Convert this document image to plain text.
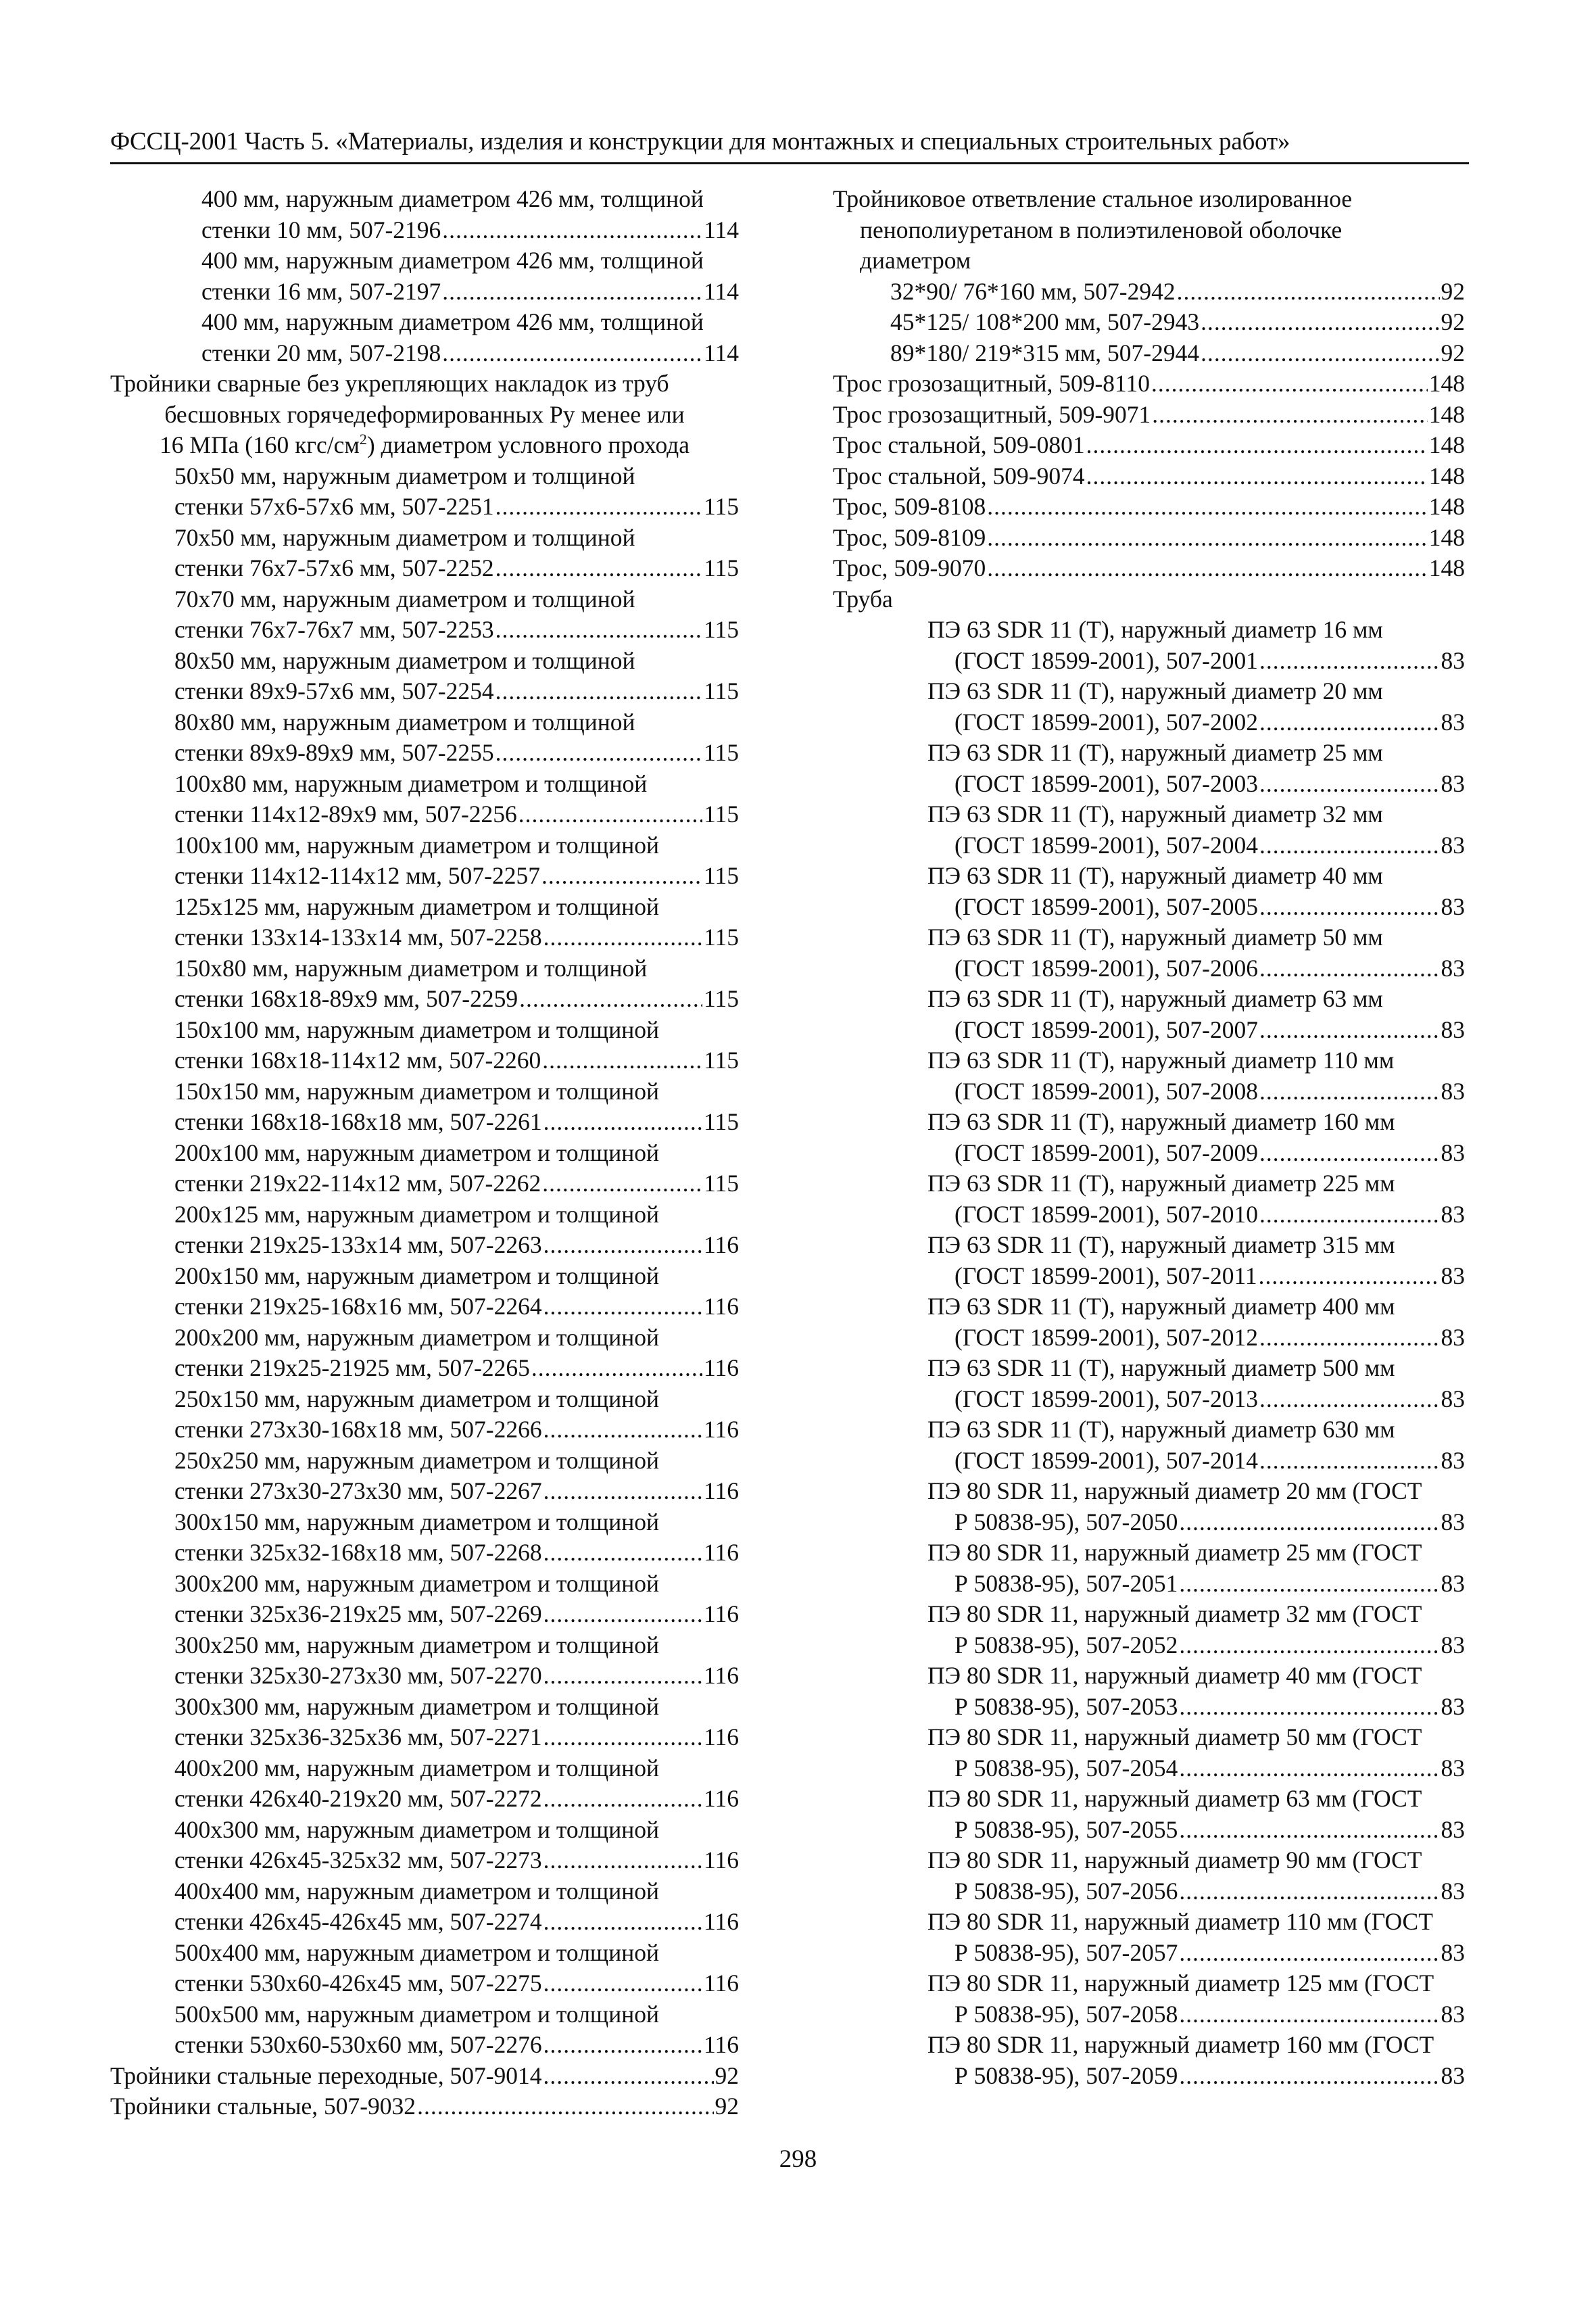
ФССЦ-2001 Часть 5. «Материалы, изделия и конструкции для монтажных и специальных строительных работ»
400 мм, наружным диаметром 426 мм, толщиной
стенки 10 мм, 507-2196 .....	114
400 мм, наружным диаметром 426 мм, толщиной
стенки 16 мм, 507-2197 .....	114
400 мм, наружным диаметром 426 мм, толщиной
стенки 20 мм, 507-2198 .....	114
Тройники сварные без укрепляющих накладок из труб
бесшовных горячедеформированных Ру менее или
16 МПа (160 кгс/$см^2$) диаметром условного прохода
50х50 мм, наружным диаметром и толщиной
стенки 57х6-57х6 мм, 507-2251 .....	115
70х50 мм, наружным диаметром и толщиной
стенки 76х7-57х6 мм, 507-2252 .....	115
70х70 мм, наружным диаметром и толщиной
стенки 76х7-76х7 мм, 507-2253 .....	115
80х50 мм, наружным диаметром и толщиной
стенки 89х9-57х6 мм, 507-2254 .....	115
80х80 мм, наружным диаметром и толщиной
стенки 89х9-89х9 мм, 507-2255 .....	115
100х80 мм, наружным диаметром и толщиной
стенки 114х12-89х9 мм, 507-2256 .....	115
100х100 мм, наружным диаметром и толщиной
стенки 114х12-114х12 мм, 507-2257 .....	115
125х125 мм, наружным диаметром и толщиной
стенки 133х14-133х14 мм, 507-2258 .....	115
150х80 мм, наружным диаметром и толщиной
стенки 168х18-89х9 мм, 507-2259 .....	115
150х100 мм, наружным диаметром и толщиной
стенки 168х18-114х12 мм, 507-2260 .....	115
150х150 мм, наружным диаметром и толщиной
стенки 168х18-168х18 мм, 507-2261 .....	115
200х100 мм, наружным диаметром и толщиной
стенки 219х22-114х12 мм, 507-2262 .....	115
200х125 мм, наружным диаметром и толщиной
стенки 219х25-133х14 мм, 507-2263 .....	116
200х150 мм, наружным диаметром и толщиной
стенки 219х25-168х16 мм, 507-2264 .....	116
200х200 мм, наружным диаметром и толщиной
стенки 219х25-21925 мм, 507-2265 .....	116
250х150 мм, наружным диаметром и толщиной
стенки 273х30-168х18 мм, 507-2266 .....	116
250х250 мм, наружным диаметром и толщиной
стенки 273х30-273х30 мм, 507-2267 .....	116
300х150 мм, наружным диаметром и толщиной
стенки 325х32-168х18 мм, 507-2268 .....	116
300х200 мм, наружным диаметром и толщиной
стенки 325х36-219х25 мм, 507-2269 .....	116
300х250 мм, наружным диаметром и толщиной
стенки 325х30-273х30 мм, 507-2270 .....	116
300х300 мм, наружным диаметром и толщиной
стенки 325х36-325х36 мм, 507-2271 .....	116
400х200 мм, наружным диаметром и толщиной
стенки 426х40-219х20 мм, 507-2272 .....	116
400х300 мм, наружным диаметром и толщиной
стенки 426х45-325х32 мм, 507-2273 .....	116
400х400 мм, наружным диаметром и толщиной
стенки 426х45-426х45 мм, 507-2274 .....	116
500х400 мм, наружным диаметром и толщиной
стенки 530х60-426х45 мм, 507-2275 .....	116
500х500 мм, наружным диаметром и толщиной
стенки 530х60-530х60 мм, 507-2276 .....	116
Тройники стальные переходные, 507-9014 .....	92
Тройники стальные, 507-9032 .....	92
Тройниковое ответвление стальное изолированное
пенополиуретаном в полиэтиленовой оболочке
диаметром
32*90/ 76*160 мм, 507-2942 .....	92
45*125/ 108*200 мм, 507-2943 .....	92
89*180/ 219*315 мм, 507-2944 .....	92
Трос грозозащитный, 509-8110 .....	148
Трос грозозащитный, 509-9071 .....	148
Трос стальной, 509-0801 .....	148
Трос стальной, 509-9074 .....	148
Трос, 509-8108 .....	148
Трос, 509-8109 .....	148
Трос, 509-9070 .....	148
Труба
ПЭ 63 SDR 11 (Т), наружный диаметр 16 мм
(ГОСТ 18599-2001), 507-2001 .....	83
ПЭ 63 SDR 11 (Т), наружный диаметр 20 мм
(ГОСТ 18599-2001), 507-2002 .....	83
ПЭ 63 SDR 11 (Т), наружный диаметр 25 мм
(ГОСТ 18599-2001), 507-2003 .....	83
ПЭ 63 SDR 11 (Т), наружный диаметр 32 мм
(ГОСТ 18599-2001), 507-2004 .....	83
ПЭ 63 SDR 11 (Т), наружный диаметр 40 мм
(ГОСТ 18599-2001), 507-2005 .....	83
ПЭ 63 SDR 11 (Т), наружный диаметр 50 мм
(ГОСТ 18599-2001), 507-2006 .....	83
ПЭ 63 SDR 11 (Т), наружный диаметр 63 мм
(ГОСТ 18599-2001), 507-2007 .....	83
ПЭ 63 SDR 11 (Т), наружный диаметр 110 мм
(ГОСТ 18599-2001), 507-2008 .....	83
ПЭ 63 SDR 11 (Т), наружный диаметр 160 мм
(ГОСТ 18599-2001), 507-2009 .....	83
ПЭ 63 SDR 11 (Т), наружный диаметр 225 мм
(ГОСТ 18599-2001), 507-2010 .....	83
ПЭ 63 SDR 11 (Т), наружный диаметр 315 мм
(ГОСТ 18599-2001), 507-2011 .....	83
ПЭ 63 SDR 11 (Т), наружный диаметр 400 мм
(ГОСТ 18599-2001), 507-2012 .....	83
ПЭ 63 SDR 11 (Т), наружный диаметр 500 мм
(ГОСТ 18599-2001), 507-2013 .....	83
ПЭ 63 SDR 11 (Т), наружный диаметр 630 мм
(ГОСТ 18599-2001), 507-2014 .....	83
ПЭ 80 SDR 11, наружный диаметр 20 мм (ГОСТ
Р 50838-95), 507-2050 .....	83
ПЭ 80 SDR 11, наружный диаметр 25 мм (ГОСТ
Р 50838-95), 507-2051 .....	83
ПЭ 80 SDR 11, наружный диаметр 32 мм (ГОСТ
Р 50838-95), 507-2052 .....	83
ПЭ 80 SDR 11, наружный диаметр 40 мм (ГОСТ
Р 50838-95), 507-2053 .....	83
ПЭ 80 SDR 11, наружный диаметр 50 мм (ГОСТ
Р 50838-95), 507-2054 .....	83
ПЭ 80 SDR 11, наружный диаметр 63 мм (ГОСТ
Р 50838-95), 507-2055 .....	83
ПЭ 80 SDR 11, наружный диаметр 90 мм (ГОСТ
Р 50838-95), 507-2056 .....	83
ПЭ 80 SDR 11, наружный диаметр 110 мм (ГОСТ
Р 50838-95), 507-2057 .....	83
ПЭ 80 SDR 11, наружный диаметр 125 мм (ГОСТ
Р 50838-95), 507-2058 .....	83
ПЭ 80 SDR 11, наружный диаметр 160 мм (ГОСТ
Р 50838-95), 507-2059 .....	83
298
